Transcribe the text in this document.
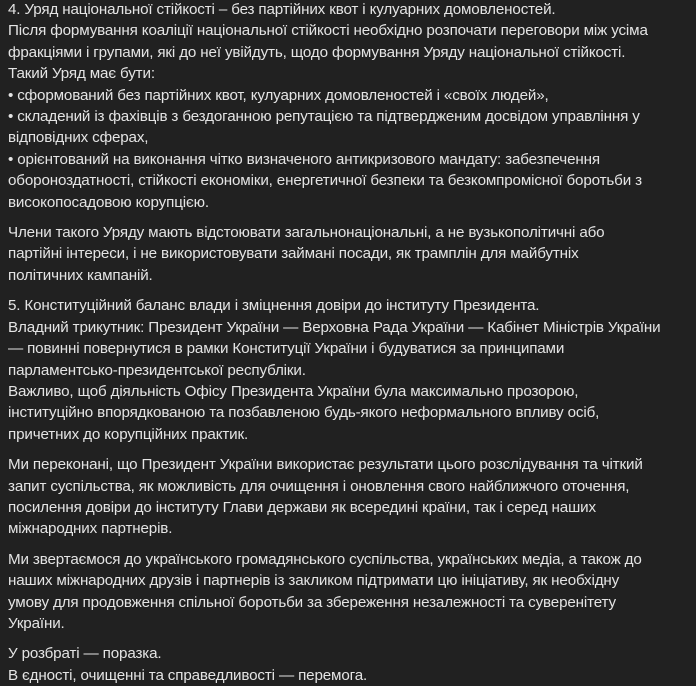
4. Уряд національної стійкості – без партійних квот і кулуарних домовленостей.
Після формування коаліції національної стійкості необхідно розпочати переговори між усіма
фракціями і групами, які до неї увійдуть, щодо формування Уряду національної стійкості.
Такий Уряд має бути:
• сформований без партійних квот, кулуарних домовленостей і «своїх людей»,
• складений із фахівців з бездоганною репутацією та підтвердженим досвідом управління у
відповідних сферах,
• орієнтований на виконання чітко визначеного антикризового мандату: забезпечення
обороноздатності, стійкості економіки, енергетичної безпеки та безкомпромісної боротьби з
високопосадовою корупцією.
Члени такого Уряду мають відстоювати загальнонаціональні, а не вузькополітичні або
партійні інтереси, і не використовувати займані посади, як трамплін для майбутніх
політичних кампаній.
5. Конституційний баланс влади і зміцнення довіри до інституту Президента.
Владний трикутник: Президент України — Верховна Рада України — Кабінет Міністрів України
— повинні повернутися в рамки Конституції України і будуватися за принципами
парламентсько-президентської республіки.
Важливо, щоб діяльність Офісу Президента України була максимально прозорою,
інституційно впорядкованою та позбавленою будь-якого неформального впливу осіб,
причетних до корупційних практик.
Ми переконані, що Президент України використає результати цього розслідування та чіткий
запит суспільства, як можливість для очищення і оновлення свого найближчого оточення,
посилення довіри до інституту Глави держави як всередині країни, так і серед наших
міжнародних партнерів.
Ми звертаємося до українського громадянського суспільства, українських медіа, а також до
наших міжнародних друзів і партнерів із закликом підтримати цю ініціативу, як необхідну
умову для продовження спільної боротьби за збереження незалежності та суверенітету
України.
У розбраті — поразка.
В єдності, очищенні та справедливості — перемога.
